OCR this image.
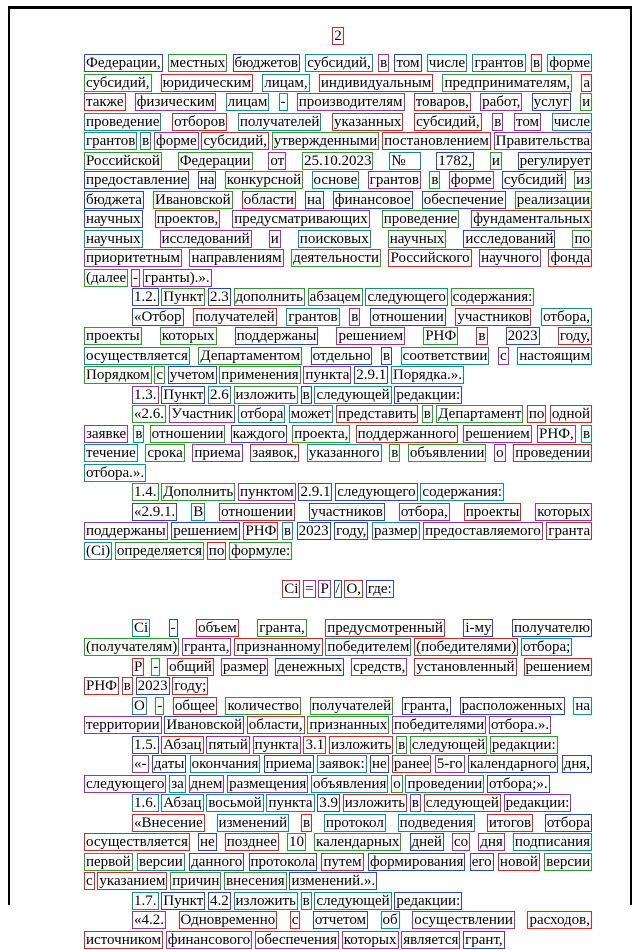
2

Федерации, местных бюджетов субсидий, в том числе грантов в форме субсидий, юридическим лицам, индивидуальным предпринимателям, а также физическим лицам - производителям товаров, работ, услуг и проведение отборов получателей указанных субсидий, в том числе грантов в форме субсидий, утвержденными постановлением Правительства Российской Федерации от 25.10.2023 № 1782, и регулирует предоставление на конкурсной основе грантов в форме субсидий из бюджета Ивановской области на финансовое обеспечение реализации научных проектов, предусматривающих проведение фундаментальных научных исследований и поисковых научных исследований по приоритетным направлениям деятельности Российского научного фонда (далее - гранты).».

1.2. Пункт 2.3 дополнить абзацем следующего содержания:

«Отбор получателей грантов в отношении участников отбора, проекты которых поддержаны решением РНФ в 2023 году, осуществляется Департаментом отдельно в соответствии с настоящим Порядком с учетом применения пункта 2.9.1 Порядка.».

1.3. Пункт 2.6 изложить в следующей редакции:

«2.6. Участник отбора может представить в Департамент по одной заявке в отношении каждого проекта, поддержанного решением РНФ, в течение срока приема заявок, указанного в объявлении о проведении отбора.».

1.4. Дополнить пунктом 2.9.1 следующего содержания:

«2.9.1. В отношении участников отбора, проекты которых поддержаны решением РНФ в 2023 году, размер предоставляемого гранта (Ci) определяется по формуле:

Ci = P / O, где:

Ci - объем гранта, предусмотренный i-му получателю (получателям) гранта, признанному победителем (победителями) отбора;

P - общий размер денежных средств, установленный решением РНФ в 2023 году;

О - общее количество получателей гранта, расположенных на территории Ивановской области, признанных победителями отбора.».

1.5. Абзац пятый пункта 3.1 изложить в следующей редакции:

«- даты окончания приема заявок: не ранее 5-го календарного дня, следующего за днем размещения объявления о проведении отбора;».

1.6. Абзац восьмой пункта 3.9 изложить в следующей редакции:

«Внесение изменений в протокол подведения итогов отбора осуществляется не позднее 10 календарных дней со дня подписания первой версии данного протокола путем формирования его новой версии с указанием причин внесения изменений.».

1.7. Пункт 4.2 изложить в следующей редакции:

«4.2. Одновременно с отчетом об осуществлении расходов, источником финансового обеспечения которых является грант,
